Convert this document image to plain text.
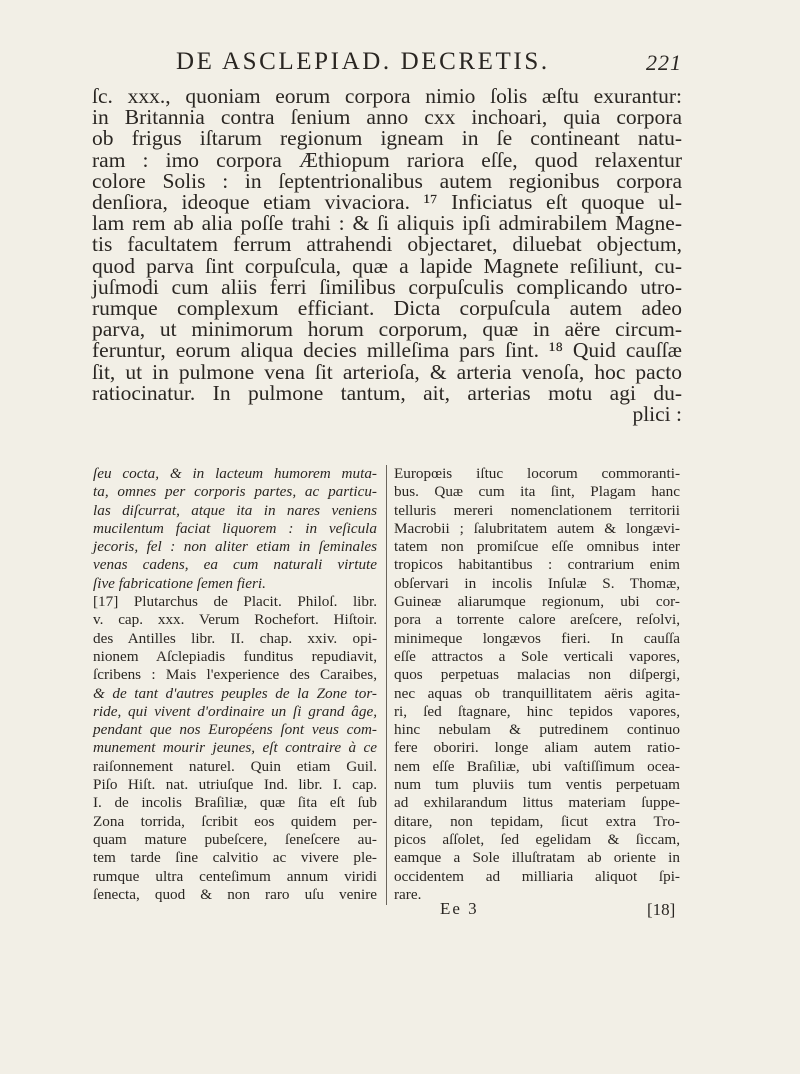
DE ASCLEPIAD. DECRETIS.	221
ſc. xxx., quoniam eorum corpora nimio ſolis æſtu exurantur:
in Britannia contra ſenium anno cxx inchoari, quia corpora
ob frigus iſtarum regionum igneam in ſe contineant natu-
ram : imo corpora Æthiopum rariora eſſe, quod relaxentur
colore Solis : in ſeptentrionalibus autem regionibus corpora
denſiora, ideoque etiam vivaciora. ¹⁷ Inficiatus eſt quoque ul-
lam rem ab alia poſſe trahi : & ſi aliquis ipſi admirabilem Magne-
tis facultatem ferrum attrahendi objectaret, diluebat objectum,
quod parva ſint corpuſcula, quæ a lapide Magnete reſiliunt, cu-
juſmodi cum aliis ferri ſimilibus corpuſculis complicando utro-
rumque complexum efficiant. Dicta corpuſcula autem adeo
parva, ut minimorum horum corporum, quæ in aëre circum-
feruntur, eorum aliqua decies milleſima pars ſint. ¹⁸ Quid cauſſæ
ſit, ut in pulmone vena ſit arterioſa, & arteria venoſa, hoc pacto
ratiocinatur. In pulmone tantum, ait, arterias motu agi du-
plici :
ſeu cocta, & in lacteum humorem muta-
ta, omnes per corporis partes, ac particu-
las diſcurrat, atque ita in nares veniens
mucilentum faciat liquorem : in veſicula
jecoris, fel : non aliter etiam in ſeminales
venas cadens, ea cum naturali virtute
ſive fabricatione ſemen fieri.
[17] Plutarchus de Placit. Philoſ. libr.
v. cap. xxx. Verum Rochefort. Hiſtoir.
des Antilles libr. II. chap. xxiv. opi-
nionem Aſclepiadis funditus repudiavit,
ſcribens : Mais l'experience des Caraibes,
& de tant d'autres peuples de la Zone tor-
ride, qui vivent d'ordinaire un ſi grand âge,
pendant que nos Européens ſont veus com-
munement mourir jeunes, eſt contraire à ce
raiſonnement naturel. Quin etiam Guil.
Piſo Hiſt. nat. utriuſque Ind. libr. I. cap.
I. de incolis Braſiliæ, quæ ſita eſt ſub
Zona torrida, ſcribit eos quidem per-
quam mature pubeſcere, ſeneſcere au-
tem tarde ſine calvitio ac vivere ple-
rumque ultra centeſimum annum viridi
ſenecta, quod & non raro uſu venire
Europœis iſtuc locorum commoranti-
bus. Quæ cum ita ſint, Plagam hanc
telluris mereri nomenclationem territorii
Macrobii ; ſalubritatem autem & longævi-
tatem non promiſcue eſſe omnibus inter
tropicos habitantibus : contrarium enim
obſervari in incolis Inſulæ S. Thomæ,
Guineæ aliarumque regionum, ubi cor-
pora a torrente calore areſcere, reſolvi,
minimeque longævos fieri. In cauſſa
eſſe attractos a Sole verticali vapores,
quos perpetuas malacias non diſpergi,
nec aquas ob tranquillitatem aëris agita-
ri, ſed ſtagnare, hinc tepidos vapores,
hinc nebulam & putredinem continuo
fere oboriri. longe aliam autem ratio-
nem eſſe Braſiliæ, ubi vaſtiſſimum ocea-
num tum pluviis tum ventis perpetuam
ad exhilarandum littus materiam ſuppe-
ditare, non tepidam, ſicut extra Tro-
picos aſſolet, ſed egelidam & ſiccam,
eamque a Sole illuſtratam ab oriente in
occidentem ad milliaria aliquot ſpi-
rare.
Ee 3	[18]
